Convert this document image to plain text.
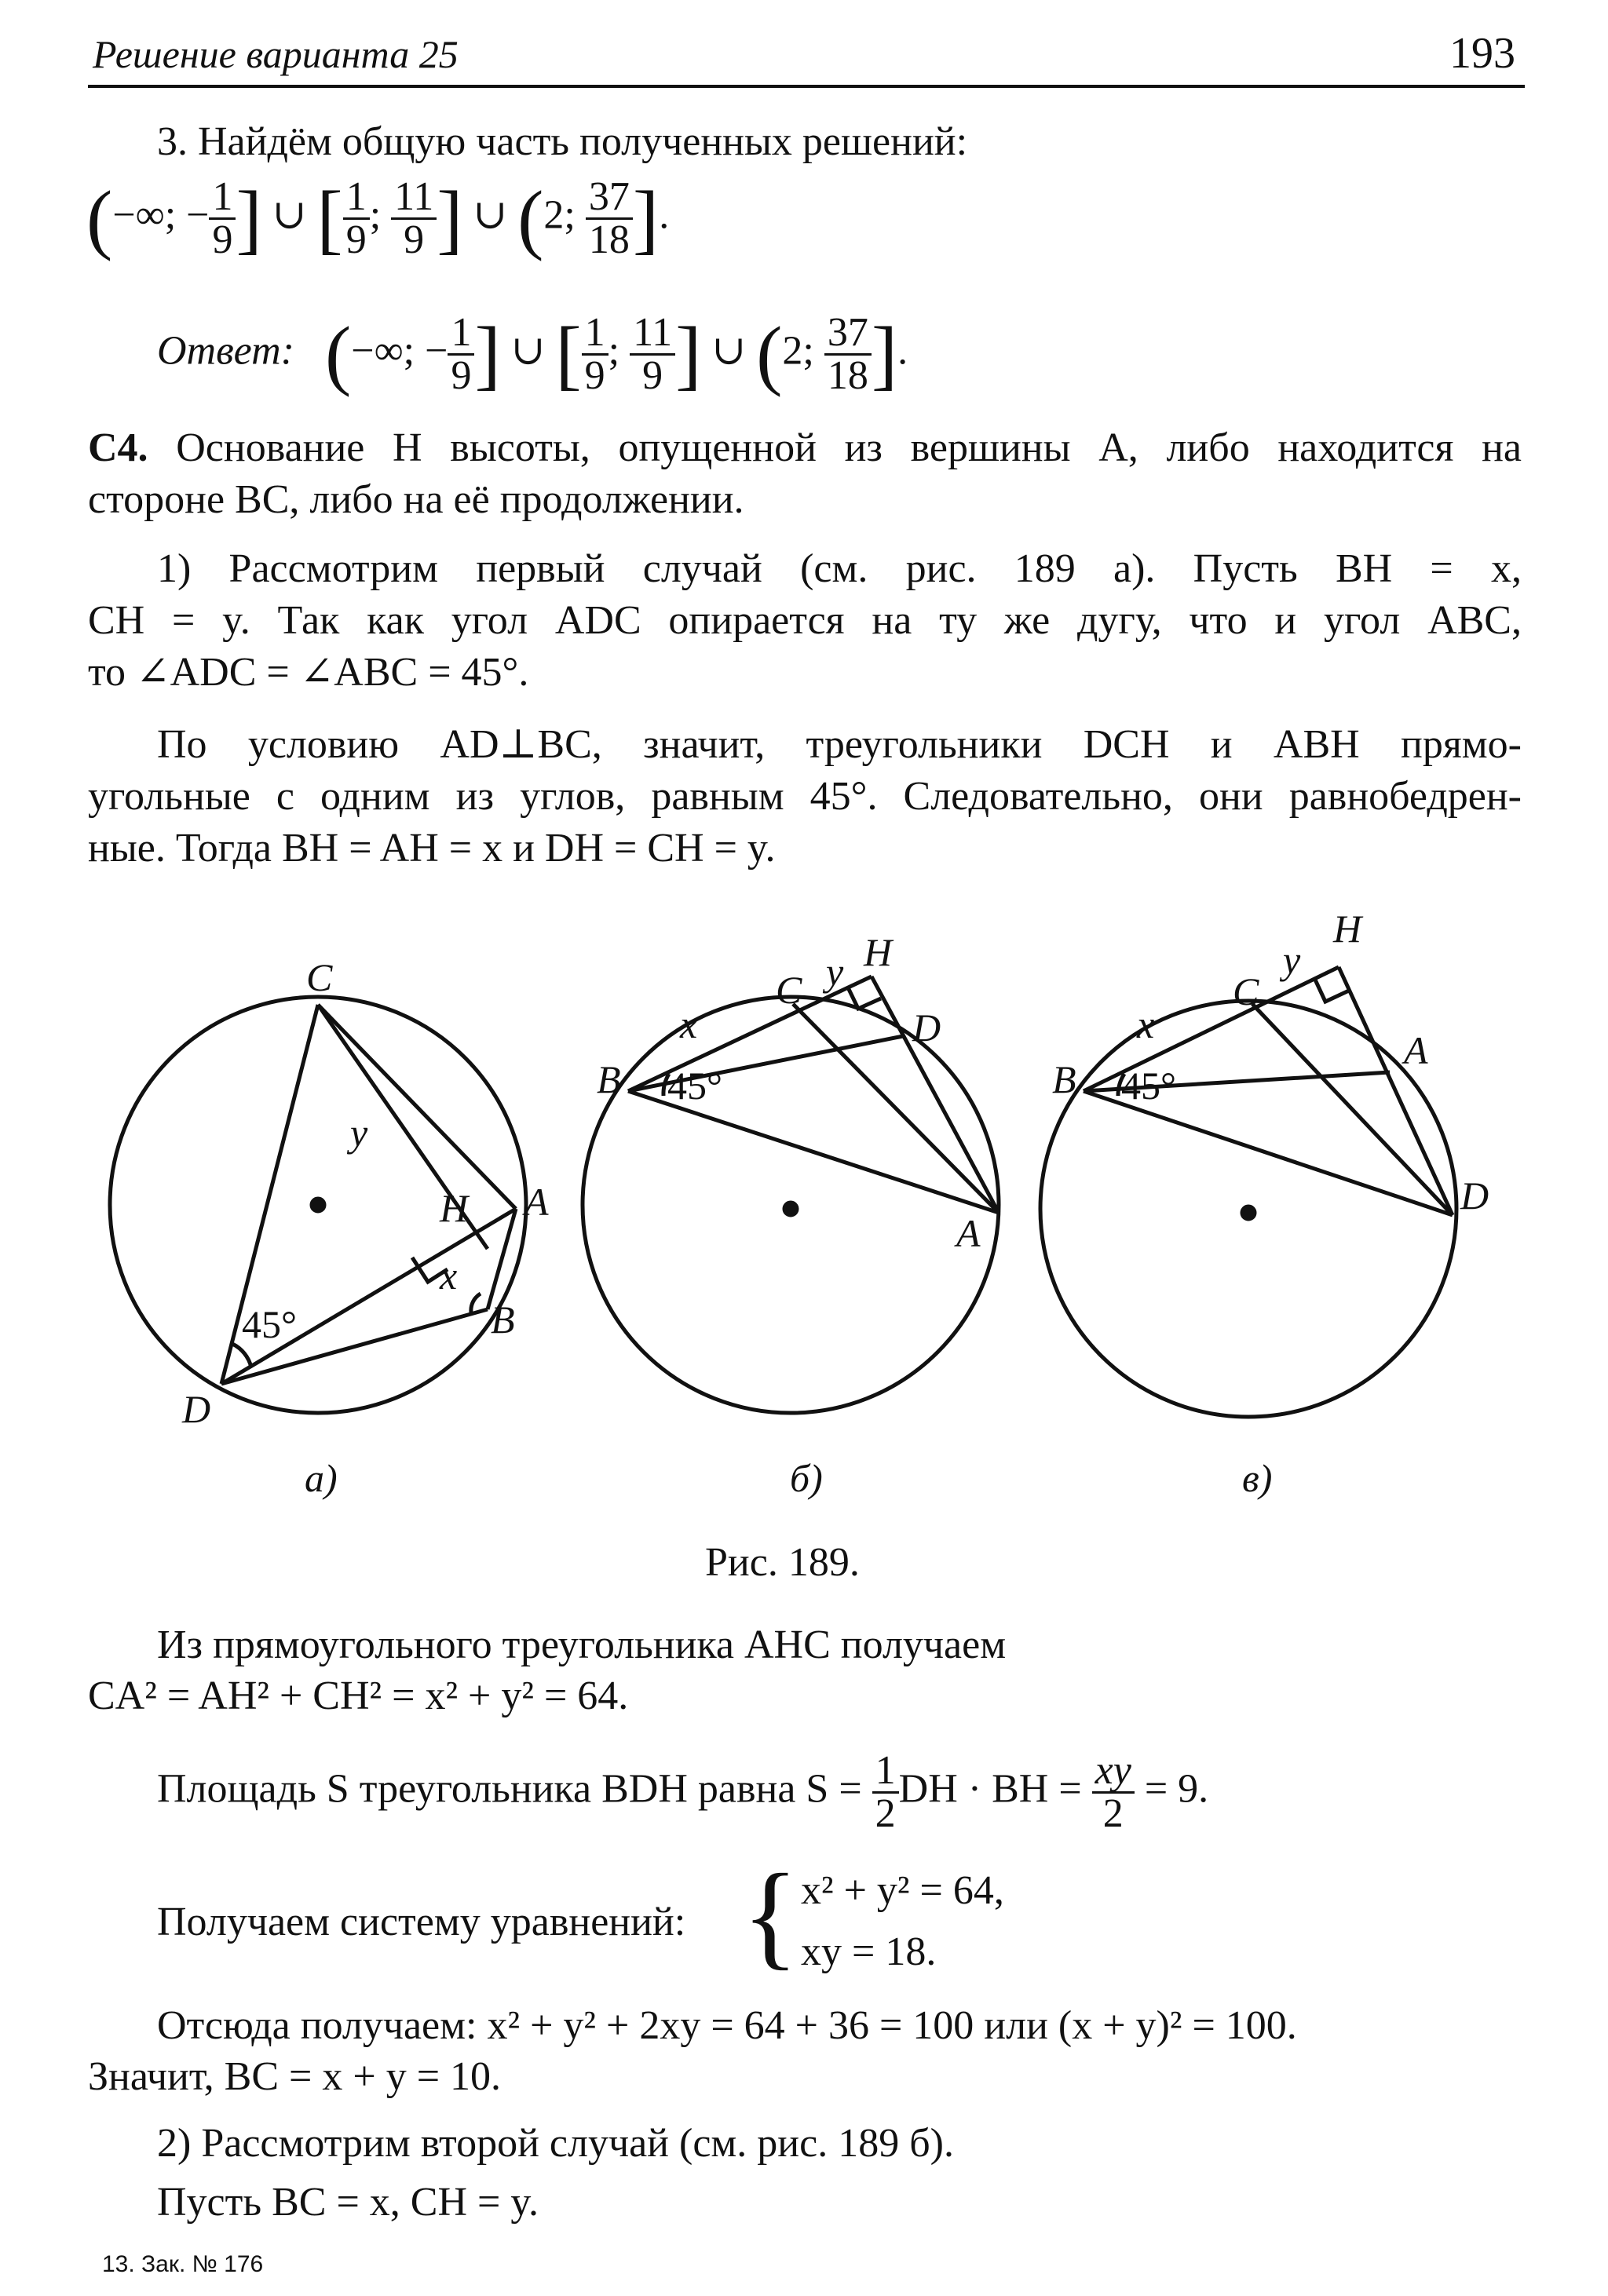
Решение варианта 25	193
3. Найдём общую часть полученных решений:
(−∞; − $\frac{1}{9}$ ] ∪ [ $\frac{1}{9}$ ; $\frac{11}{9}$ ] ∪ (2; $\frac{37}{18}$ ].
Ответ: (−∞; − $\frac{1}{9}$ ] ∪ [ $\frac{1}{9}$ ; $\frac{11}{9}$ ] ∪ (2; $\frac{37}{18}$ ].
С4. Основание H высоты, опущенной из вершины A, либо находится на
стороне BC, либо на её продолжении.
1) Рассмотрим первый случай (см. рис. 189 а). Пусть BH = x,
CH = y. Так как угол ADC опирается на ту же дугу, что и угол ABC,
то ∠ADC = ∠ABC = 45°.
По условию AD⊥BC, значит, треугольники DCH и ABH прямо-
угольные с одним из углов, равным 45°. Следовательно, они равнобедрен-
ные. Тогда BH = AH = x и DH = CH = y.
C
A
B
D
H
x
y
45°
а)
C
A
B
D
H
x
y
45°
б)
C
A
B
D
H
x
y
45°
в)
Рис. 189.
Из прямоугольного треугольника AHC получаем
CA² = AH² + CH² = x² + y² = 64.
Площадь S треугольника BDH равна $S = \frac{1}{2}$ DH · BH = $\frac{xy}{2} = 9$.
Получаем систему уравнений: { x² + y² = 64,
xy = 18.
Отсюда получаем: x² + y² + 2xy = 64 + 36 = 100 или (x + y)² = 100.
Значит, BC = x + y = 10.
2) Рассмотрим второй случай (см. рис. 189 б).
Пусть BC = x, CH = y.
13. Зак. № 176
